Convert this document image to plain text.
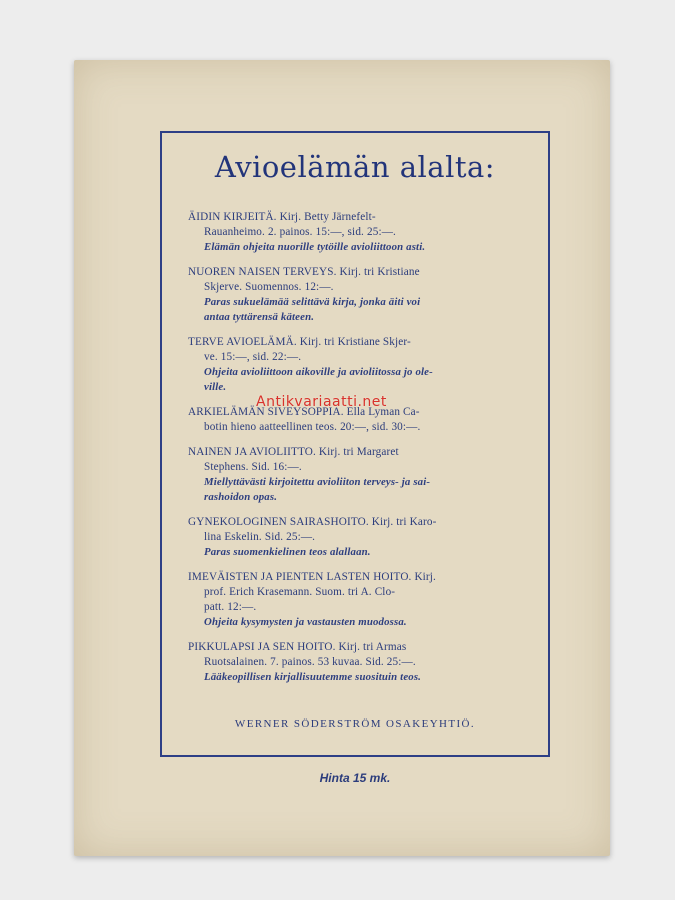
Avioelämän alalta:
ÄIDIN KIRJEITÄ. Kirj. Betty Järnefelt-
Rauanheimo. 2. painos. 15:—, sid. 25:—.
Elämän ohjeita nuorille tytöille avioliittoon asti.
NUOREN NAISEN TERVEYS. Kirj. tri Kristiane
Skjerve. Suomennos. 12:—.
Paras sukuelämää selittävä kirja, jonka äiti voi
antaa tyttärensä käteen.
TERVE AVIOELÄMÄ. Kirj. tri Kristiane Skjer-
ve. 15:—, sid. 22:—.
Ohjeita avioliittoon aikoville ja avioliitossa jo ole-
ville.
ARKIELÄMÄN SIVEYSOPPIA. Ella Lyman Ca-
botin hieno aatteellinen teos. 20:—, sid. 30:—.
NAINEN JA AVIOLIITTO. Kirj. tri Margaret
Stephens. Sid. 16:—.
Miellyttävästi kirjoitettu avioliiton terveys- ja sai-
rashoidon opas.
GYNEKOLOGINEN SAIRASHOITO. Kirj. tri Karo-
lina Eskelin. Sid. 25:—.
Paras suomenkielinen teos alallaan.
IMEVÄISTEN JA PIENTEN LASTEN HOITO. Kirj.
prof. Erich Krasemann. Suom. tri A. Clo-
patt. 12:—.
Ohjeita kysymysten ja vastausten muodossa.
PIKKULAPSI JA SEN HOITO. Kirj. tri Armas
Ruotsalainen. 7. painos. 53 kuvaa. Sid. 25:—.
Lääkeopillisen kirjallisuutemme suosituin teos.
WERNER SÖDERSTRÖM OSAKEYHTIÖ.
Hinta 15 mk.
Antikvariaatti.net
